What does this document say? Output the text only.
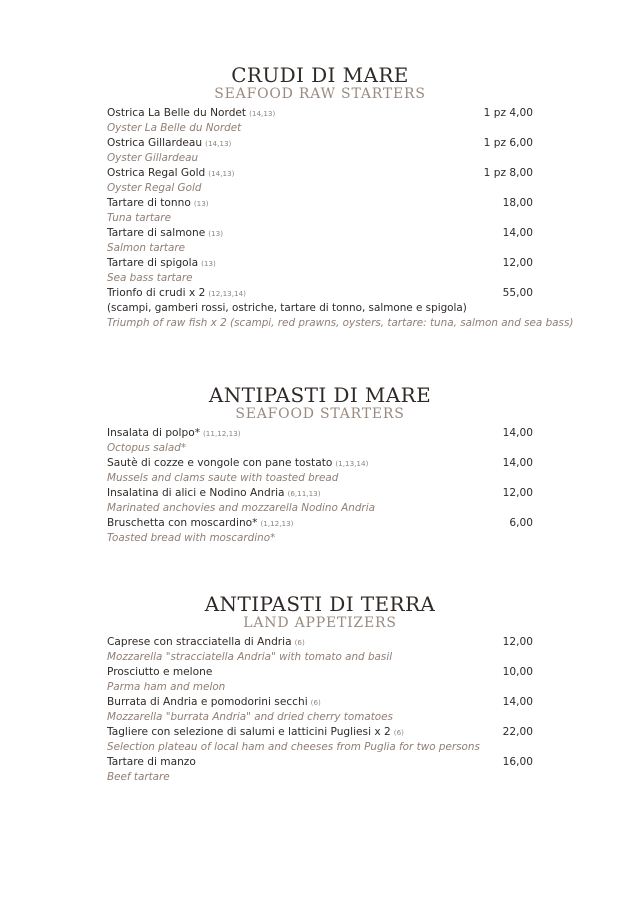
CRUDI DI MARE
SEAFOOD RAW STARTERS
Ostrica La Belle du Nordet (14,13)	1 pz 4,00
Oyster La Belle du Nordet
Ostrica Gillardeau (14,13)	1 pz 6,00
Oyster Gillardeau
Ostrica Regal Gold (14,13)	1 pz 8,00
Oyster Regal Gold
Tartare di tonno (13)	18,00
Tuna tartare
Tartare di salmone (13)	14,00
Salmon tartare
Tartare di spigola (13)	12,00
Sea bass tartare
Trionfo di crudi x 2 (12,13,14)	55,00
(scampi, gamberi rossi, ostriche, tartare di tonno, salmone e spigola)
Triumph of raw fish x 2 (scampi, red prawns, oysters, tartare: tuna, salmon and sea bass)
ANTIPASTI DI MARE
SEAFOOD STARTERS
Insalata di polpo* (11,12,13)	14,00
Octopus salad*
Sautè di cozze e vongole con pane tostato (1,13,14)	14,00
Mussels and clams saute with toasted bread
Insalatina di alici e Nodino Andria (6,11,13)	12,00
Marinated anchovies and mozzarella Nodino Andria
Bruschetta con moscardino* (1,12,13)	6,00
Toasted bread with moscardino*
ANTIPASTI DI TERRA
LAND APPETIZERS
Caprese con stracciatella di Andria (6)	12,00
Mozzarella "stracciatella Andria" with tomato and basil
Prosciutto e melone	10,00
Parma ham and melon
Burrata di Andria e pomodorini secchi (6)	14,00
Mozzarella "burrata Andria" and dried cherry tomatoes
Tagliere con selezione di salumi e latticini Pugliesi x 2 (6)	22,00
Selection plateau of local ham and cheeses from Puglia for two persons
Tartare di manzo	16,00
Beef tartare
